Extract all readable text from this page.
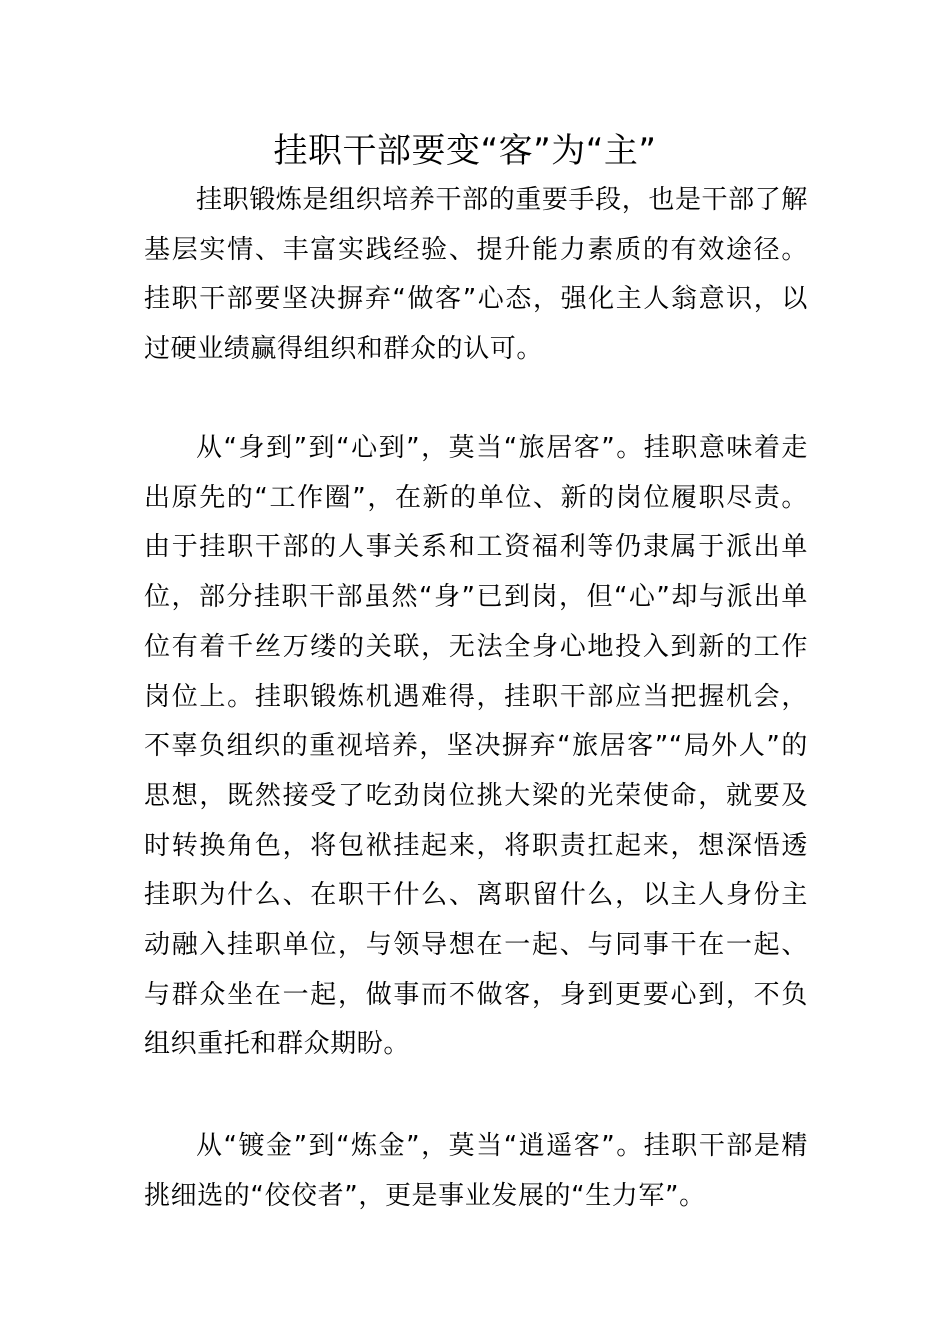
挂职干部要变“客”为“主”

挂职锻炼是组织培养干部的重要手段，也是干部了解基层实情、丰富实践经验、提升能力素质的有效途径。挂职干部要坚决摒弃“做客”心态，强化主人翁意识，以过硬业绩赢得组织和群众的认可。

从“身到”到“心到”，莫当“旅居客”。挂职意味着走出原先的“工作圈”，在新的单位、新的岗位履职尽责。由于挂职干部的人事关系和工资福利等仍隶属于派出单位，部分挂职干部虽然“身”已到岗，但“心”却与派出单位有着千丝万缕的关联，无法全身心地投入到新的工作岗位上。挂职锻炼机遇难得，挂职干部应当把握机会，不辜负组织的重视培养，坚决摒弃“旅居客”“局外人”的思想，既然接受了吃劲岗位挑大梁的光荣使命，就要及时转换角色，将包袱挂起来，将职责扛起来，想深悟透挂职为什么、在职干什么、离职留什么，以主人身份主动融入挂职单位，与领导想在一起、与同事干在一起、与群众坐在一起，做事而不做客，身到更要心到，不负组织重托和群众期盼。

从“镀金”到“炼金”，莫当“逍遥客”。挂职干部是精挑细选的“佼佼者”，更是事业发展的“生力军”。
